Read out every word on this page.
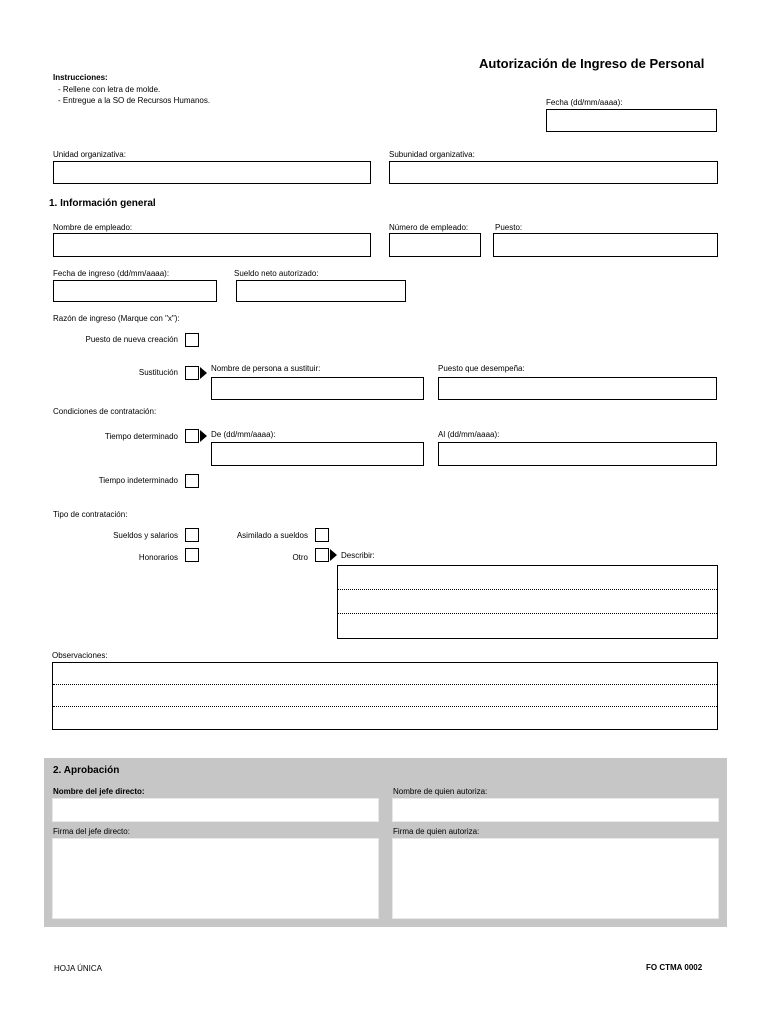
Autorización de Ingreso de Personal
Instrucciones:
- Rellene con letra de molde.
- Entregue a la SO de Recursos Humanos.	Fecha (dd/mm/aaaa):
Unidad organizativa:	Subunidad organizativa:
1. Información general
Nombre de empleado:	Número de empleado:	Puesto:
Fecha de ingreso (dd/mm/aaaa):	Sueldo neto autorizado:
Razón de ingreso (Marque con "x"):
Puesto de nueva creación
Sustitución	Nombre de persona a sustituir:	Puesto que desempeña:
Condiciones de contratación:
Tiempo determinado	De (dd/mm/aaaa):	Al (dd/mm/aaaa):
Tiempo indeterminado
Tipo de contratación:
Sueldos y salarios	Asimilado a sueldos
Honorarios	Otro	Describir:
Observaciones:
2. Aprobación
Nombre del jefe directo:	Nombre de quien autoriza:
Firma del jefe directo:	Firma de quien autoriza:
HOJA ÚNICA	FO CTMA 0002
